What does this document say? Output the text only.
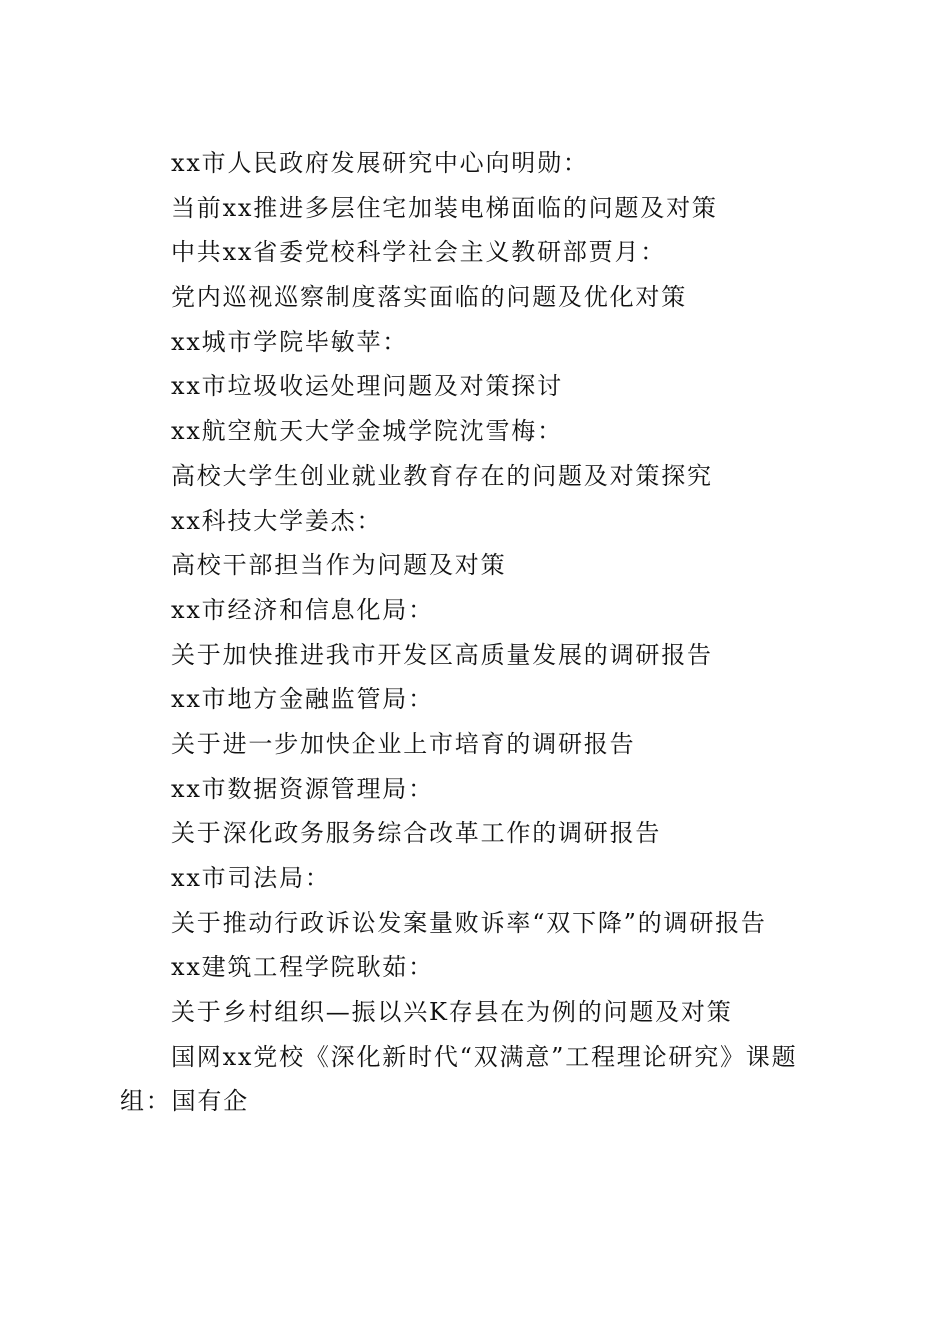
xx市人民政府发展研究中心向明勋：
当前xx推进多层住宅加装电梯面临的问题及对策
中共xx省委党校科学社会主义教研部贾月：
党内巡视巡察制度落实面临的问题及优化对策
xx城市学院毕敏苹：
xx市垃圾收运处理问题及对策探讨
xx航空航天大学金城学院沈雪梅：
高校大学生创业就业教育存在的问题及对策探究
xx科技大学姜杰：
高校干部担当作为问题及对策
xx市经济和信息化局：
关于加快推进我市开发区高质量发展的调研报告
xx市地方金融监管局：
关于进一步加快企业上市培育的调研报告
xx市数据资源管理局：
关于深化政务服务综合改革工作的调研报告
xx市司法局：
关于推动行政诉讼发案量败诉率“双下降”的调研报告
xx建筑工程学院耿茹：
关于乡村组织—振以兴K存县在为例的问题及对策
国网xx党校《深化新时代“双满意”工程理论研究》课题
组：国有企
